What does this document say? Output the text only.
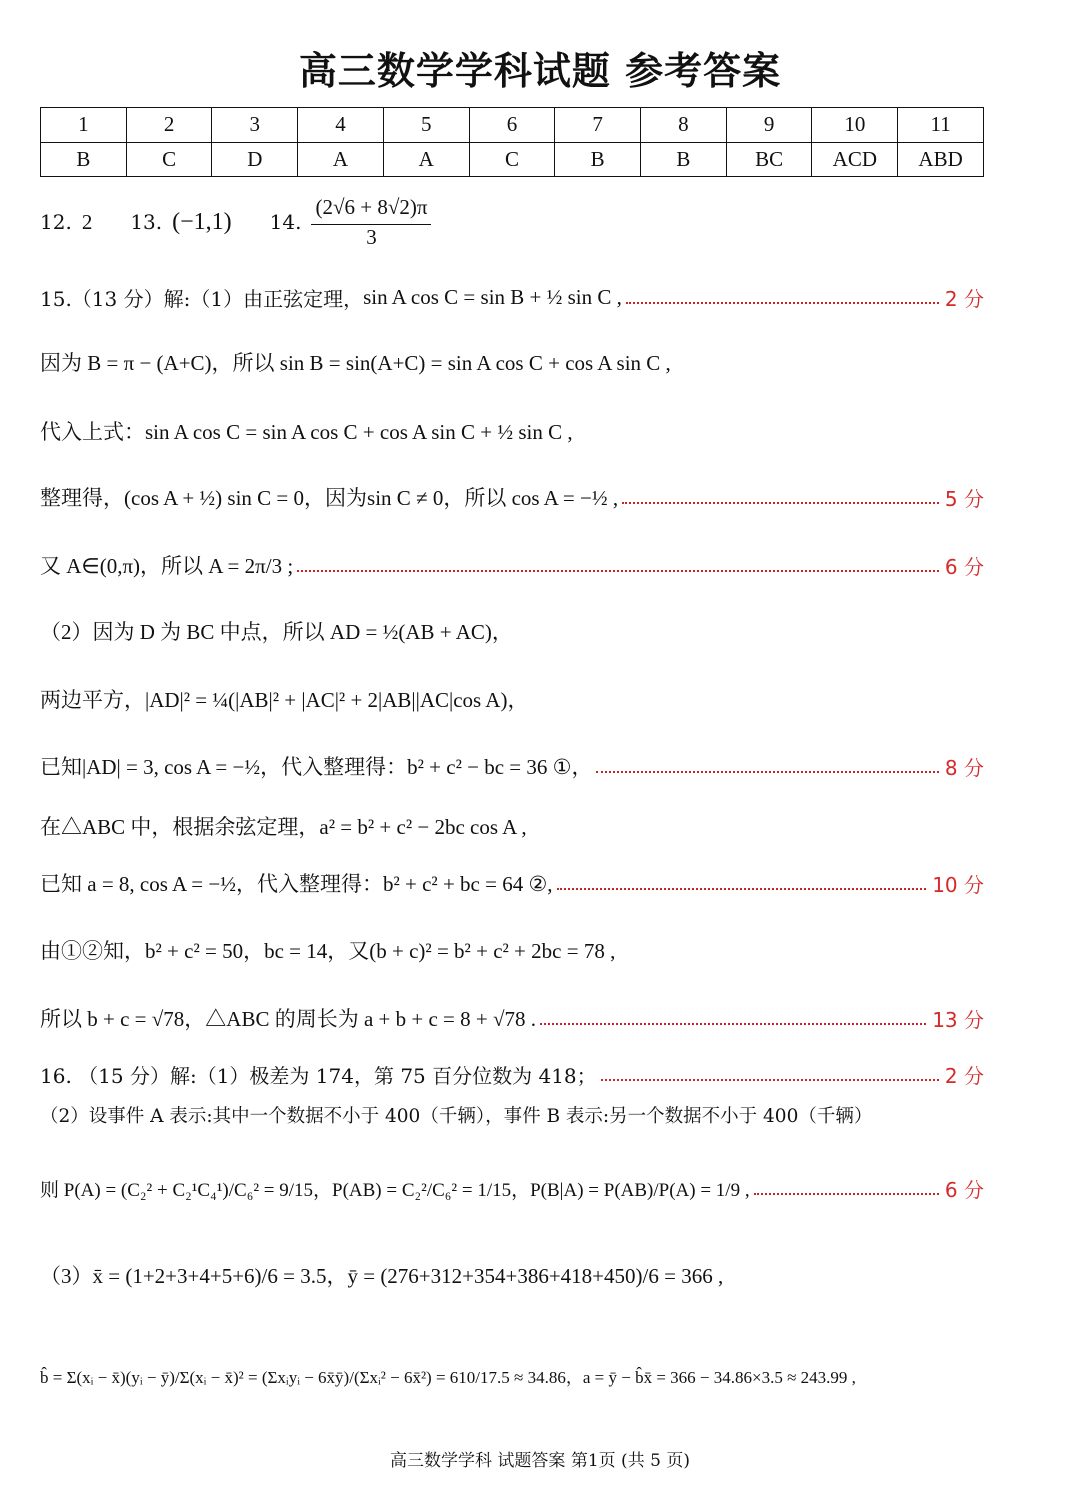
高三数学学科试题 参考答案
1	2	3	4	5	6	7	8	9	10	11
B	C	D	A	A	C	B	B	BC	ACD	ABD
12. 2 13. (−1,1) 14. $\frac{(2√6 + 8√2)\pi}{3}$
15.（13 分）解:（1）由正弦定理， sin A cos C = sin B + ½ sin C ,	2 分
因为 B = π − (A+C)，所以 sin B = sin(A+C) = sin A cos C + cos A sin C ,
代入上式：sin A cos C = sin A cos C + cos A sin C + ½ sin C ,
整理得，(cos A + ½) sin C = 0，因为sin C ≠ 0，所以 cos A = −½ ,	5 分
又 A∈(0,π)，所以 A = 2π/3 ;	6 分
（2）因为 D 为 BC 中点，所以 AD = ½(AB + AC)，
两边平方，|AD|² = ¼(|AB|² + |AC|² + 2|AB||AC|cos A)，
已知|AD| = 3, cos A = −½，代入整理得：b² + c² − bc = 36 ①，	8 分
在△ABC 中，根据余弦定理，a² = b² + c² − 2bc cos A ,
已知 a = 8, cos A = −½，代入整理得：b² + c² + bc = 64 ②,	10 分
由①②知，b² + c² = 50，bc = 14，又(b + c)² = b² + c² + 2bc = 78 ,
所以 b + c = √78，△ABC 的周长为 a + b + c = 8 + √78 .	13 分
16. （15 分）解:（1）极差为 174，第 75 百分位数为 418；	2 分
（2）设事件 A 表示:其中一个数据不小于 400（千辆），事件 B 表示:另一个数据不小于 400（千辆）
则 P(A) = (C₂² + C₂¹C₄¹)/C₆² = 9/15，P(AB) = C₂²/C₆² = 1/15，P(B|A) = P(AB)/P(A) = 1/9 ,	6 分
（3）x̄ = (1+2+3+4+5+6)/6 = 3.5，ȳ = (276+312+354+386+418+450)/6 = 366 ,
b̂ = Σ(xᵢ − x̄)(yᵢ − ȳ)/Σ(xᵢ − x̄)² = (Σxᵢyᵢ − 6x̄ȳ)/(Σxᵢ² − 6x̄²) = 610/17.5 ≈ 34.86，a = ȳ − b̂x̄ = 366 − 34.86×3.5 ≈ 243.99 ,
高三数学学科 试题答案 第1页 (共 5 页)
